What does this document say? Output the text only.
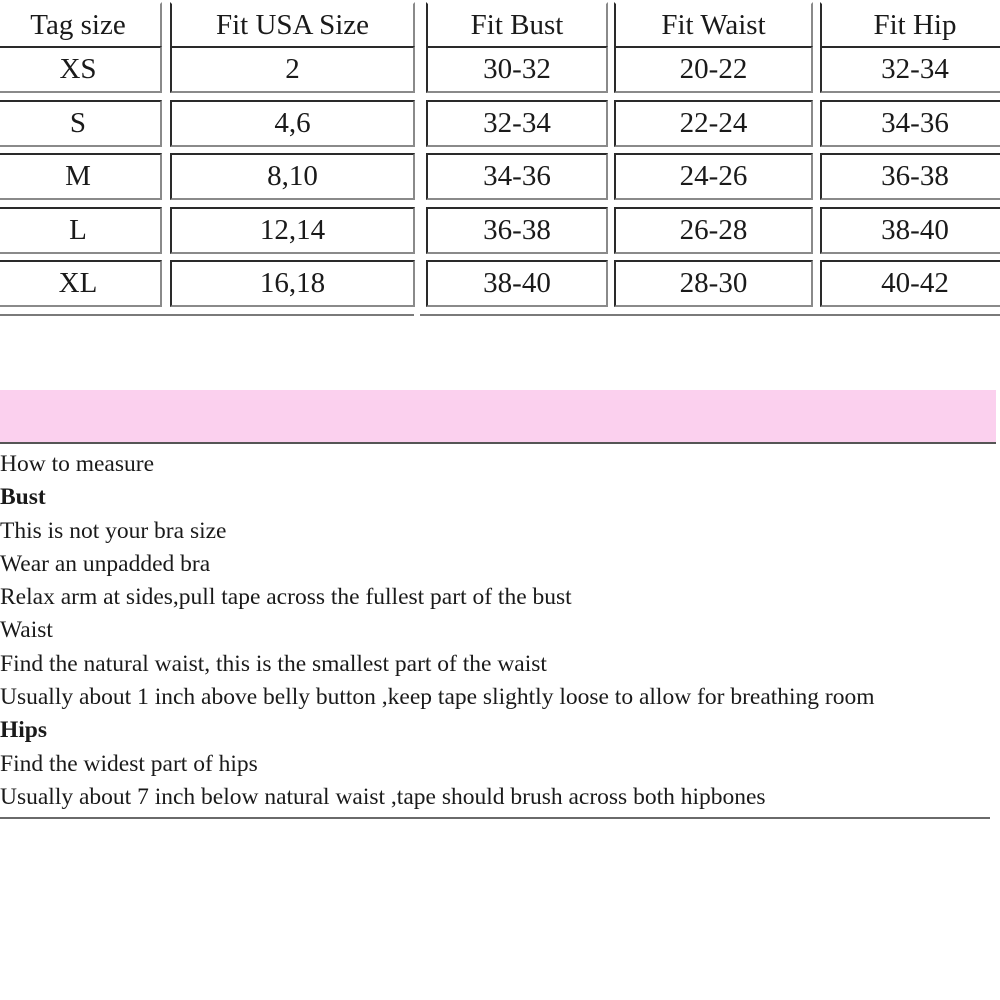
Tag size	Fit USA Size	Fit Bust	Fit Waist	Fit Hip
XS	2	30-32	20-22	32-34
S	4,6	32-34	22-24	34-36
M	8,10	34-36	24-26	36-38
L	12,14	36-38	26-28	38-40
XL	16,18	38-40	28-30	40-42
How to measure
Bust
This is not your bra size
Wear an unpadded bra
Relax arm at sides,pull tape across the fullest part of the bust
Waist
Find the natural waist, this is the smallest part of the waist
Usually about 1 inch above belly button ,keep tape slightly loose to allow for breathing room
Hips
Find the widest part of hips
Usually about 7 inch below natural waist ,tape should brush across both hipbones
